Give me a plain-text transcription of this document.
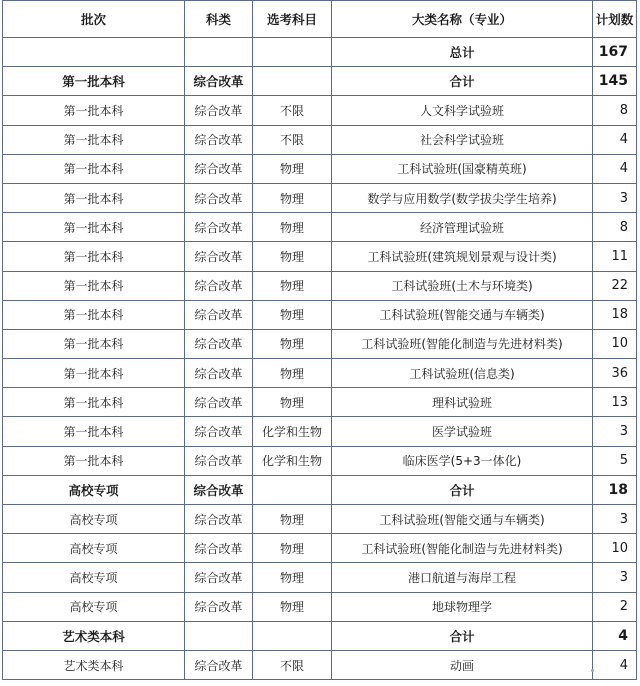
批次	科类	选考科目	大类名称（专业）	计划数
			总计	167
第一批本科	综合改革		合计	145
第一批本科	综合改革	不限	人文科学试验班	8
第一批本科	综合改革	不限	社会科学试验班	4
第一批本科	综合改革	物理	工科试验班(国豪精英班)	4
第一批本科	综合改革	物理	数学与应用数学(数学拔尖学生培养)	3
第一批本科	综合改革	物理	经济管理试验班	8
第一批本科	综合改革	物理	工科试验班(建筑规划景观与设计类)	11
第一批本科	综合改革	物理	工科试验班(土木与环境类)	22
第一批本科	综合改革	物理	工科试验班(智能交通与车辆类)	18
第一批本科	综合改革	物理	工科试验班(智能化制造与先进材料类)	10
第一批本科	综合改革	物理	工科试验班(信息类)	36
第一批本科	综合改革	物理	理科试验班	13
第一批本科	综合改革	化学和生物	医学试验班	3
第一批本科	综合改革	化学和生物	临床医学(5+3一体化)	5
高校专项	综合改革		合计	18
高校专项	综合改革	物理	工科试验班(智能交通与车辆类)	3
高校专项	综合改革	物理	工科试验班(智能化制造与先进材料类)	10
高校专项	综合改革	物理	港口航道与海岸工程	3
高校专项	综合改革	物理	地球物理学	2
艺术类本科			合计	4
艺术类本科	综合改革	不限	动画	4
